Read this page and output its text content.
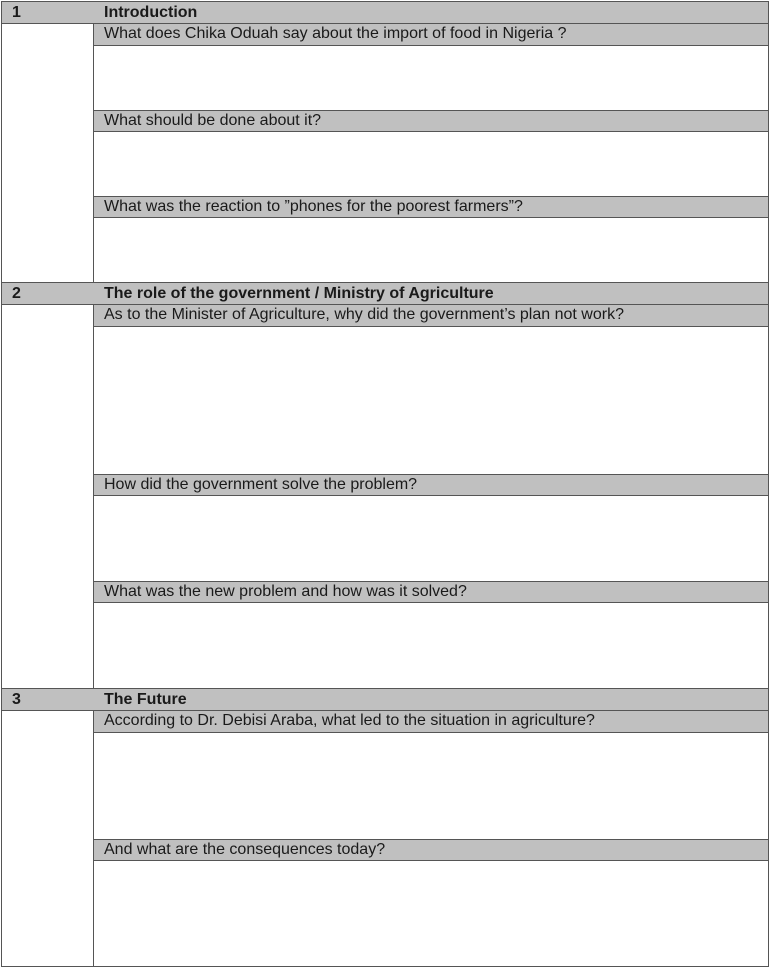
1	Introduction
What does Chika Oduah say about the import of food in Nigeria ?
What should be done about it?
What was the reaction to ”phones for the poorest farmers”?
2	The role of the government / Ministry of Agriculture
As to the Minister of Agriculture, why did the government’s plan not work?
How did the government solve the problem?
What was the new problem and how was it solved?
3	The Future
According to Dr. Debisi Araba, what led to the situation in agriculture?
And what are the consequences today?
